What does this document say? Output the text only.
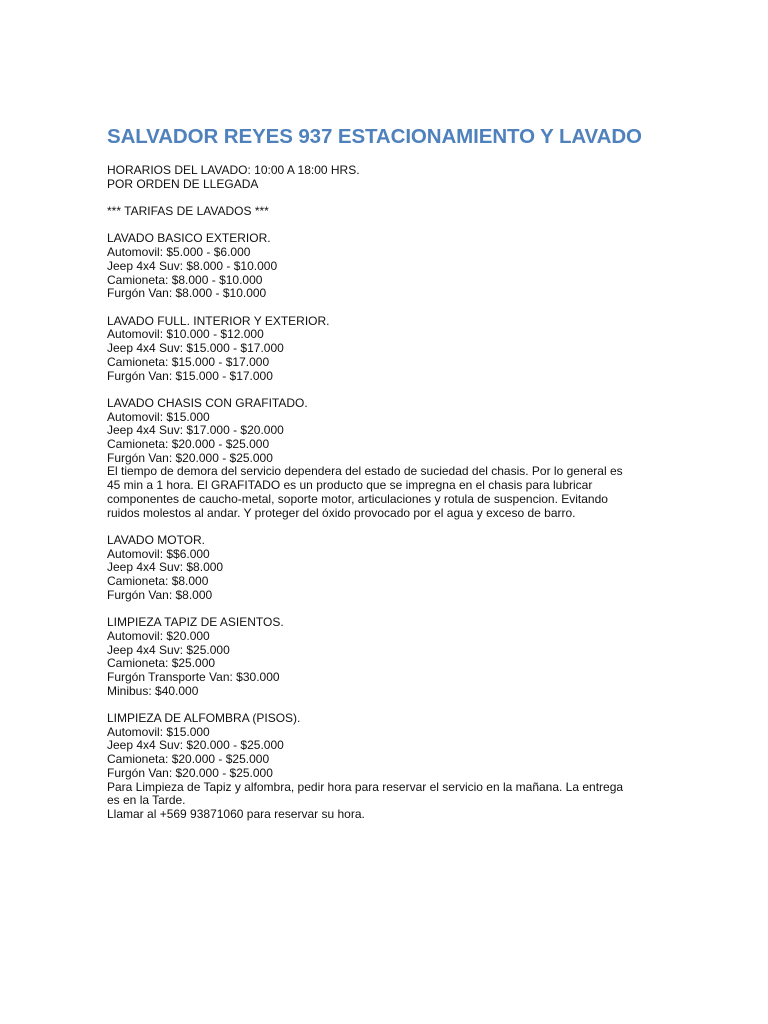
SALVADOR REYES 937 ESTACIONAMIENTO Y LAVADO
HORARIOS DEL LAVADO: 10:00 A 18:00 HRS.
POR ORDEN DE LLEGADA
*** TARIFAS DE LAVADOS ***
LAVADO BASICO EXTERIOR.
Automovil: $5.000 - $6.000
Jeep 4x4 Suv: $8.000 - $10.000
Camioneta: $8.000 - $10.000
Furgón Van: $8.000 - $10.000
LAVADO FULL. INTERIOR Y EXTERIOR.
Automovil: $10.000 - $12.000
Jeep 4x4 Suv: $15.000 - $17.000
Camioneta: $15.000 - $17.000
Furgón Van: $15.000 - $17.000
LAVADO CHASIS CON GRAFITADO.
Automovil: $15.000
Jeep 4x4 Suv: $17.000 - $20.000
Camioneta: $20.000 - $25.000
Furgón Van: $20.000 - $25.000
El tiempo de demora del servicio dependera del estado de suciedad del chasis. Por lo general es
45 min a 1 hora. El GRAFITADO es un producto que se impregna en el chasis para lubricar
componentes de caucho-metal, soporte motor, articulaciones y rotula de suspencion. Evitando
ruidos molestos al andar. Y proteger del óxido provocado por el agua y exceso de barro.
LAVADO MOTOR.
Automovil: $$6.000
Jeep 4x4 Suv: $8.000
Camioneta: $8.000
Furgón Van: $8.000
LIMPIEZA TAPIZ DE ASIENTOS.
Automovil: $20.000
Jeep 4x4 Suv: $25.000
Camioneta: $25.000
Furgón Transporte Van: $30.000
Minibus: $40.000
LIMPIEZA DE ALFOMBRA (PISOS).
Automovil: $15.000
Jeep 4x4 Suv: $20.000 - $25.000
Camioneta: $20.000 - $25.000
Furgón Van: $20.000 - $25.000
Para Limpieza de Tapiz y alfombra, pedir hora para reservar el servicio en la mañana. La entrega
es en la Tarde.
Llamar al +569 93871060 para reservar su hora.
